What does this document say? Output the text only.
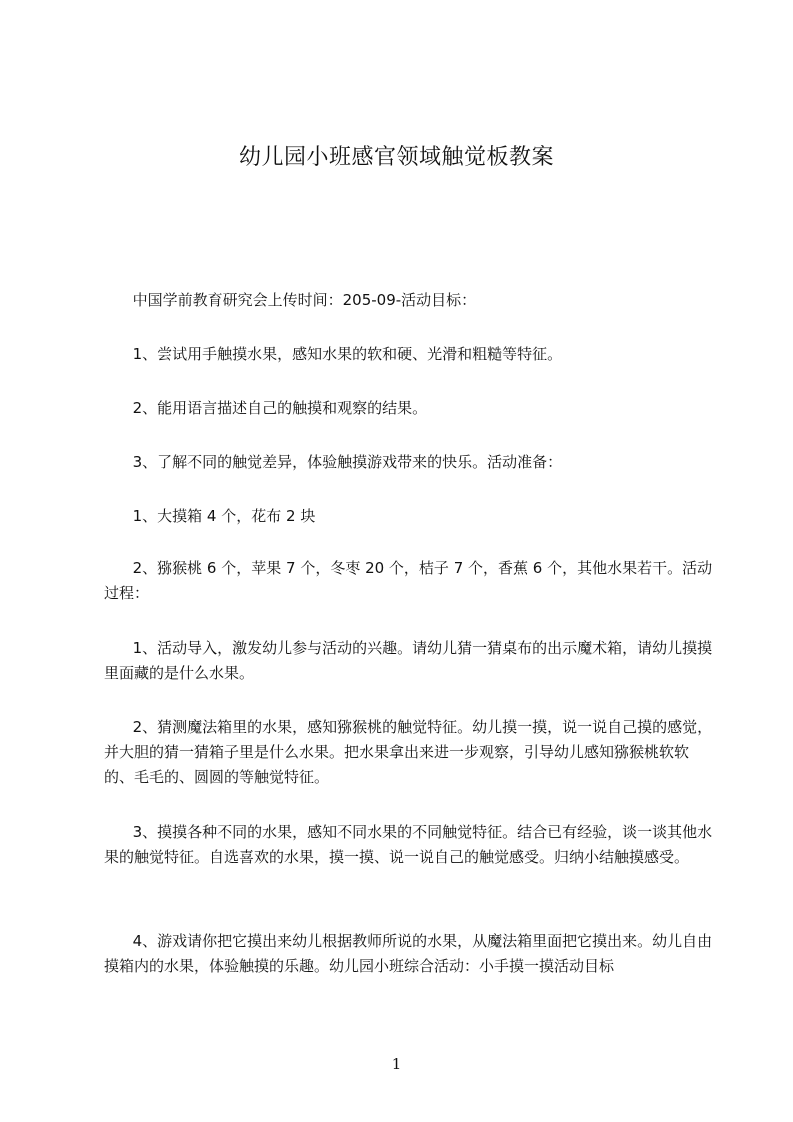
幼儿园小班感官领域触觉板教案

中国学前教育研究会上传时间：205-09-活动目标：

1、尝试用手触摸水果，感知水果的软和硬、光滑和粗糙等特征。

2、能用语言描述自己的触摸和观察的结果。

3、了解不同的触觉差异，体验触摸游戏带来的快乐。活动准备：

1、大摸箱 4 个，花布 2 块

2、猕猴桃 6 个，苹果 7 个，冬枣 20 个，桔子 7 个，香蕉 6 个，其他水果若干。活动过程：

1、活动导入，激发幼儿参与活动的兴趣。请幼儿猜一猜桌布的出示魔术箱，请幼儿摸摸里面藏的是什么水果。

2、猜测魔法箱里的水果，感知猕猴桃的触觉特征。幼儿摸一摸，说一说自己摸的感觉，并大胆的猜一猜箱子里是什么水果。把水果拿出来进一步观察，引导幼儿感知猕猴桃软软的、毛毛的、圆圆的等触觉特征。

3、摸摸各种不同的水果，感知不同水果的不同触觉特征。结合已有经验，谈一谈其他水果的触觉特征。自选喜欢的水果，摸一摸、说一说自己的触觉感受。归纳小结触摸感受。

4、游戏请你把它摸出来幼儿根据教师所说的水果，从魔法箱里面把它摸出来。幼儿自由摸箱内的水果，体验触摸的乐趣。幼儿园小班综合活动：小手摸一摸活动目标

1
